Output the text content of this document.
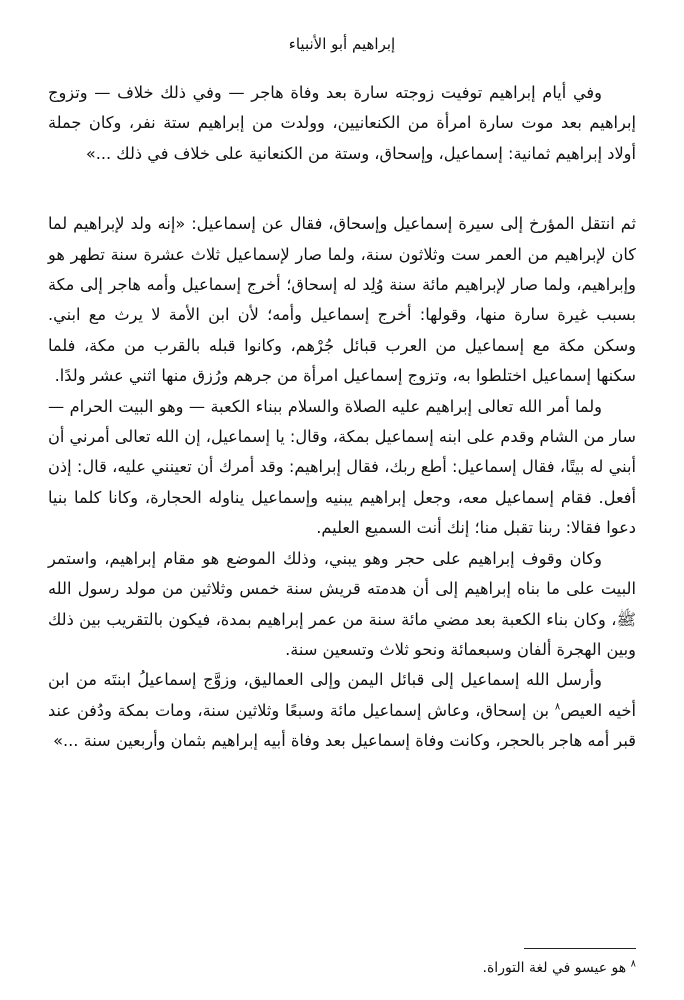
إبراهيم أبو الأنبياء

وفي أيام إبراهيم توفيت زوجته سارة بعد وفاة هاجر — وفي ذلك خلاف — وتزوج إبراهيم بعد موت سارة امرأة من الكنعانيين، وولدت من إبراهيم ستة نفر، وكان جملة أولاد إبراهيم ثمانية: إسماعيل، وإسحاق، وستة من الكنعانية على خلاف في ذلك ...»

ثم انتقل المؤرخ إلى سيرة إسماعيل وإسحاق، فقال عن إسماعيل: «إنه ولد لإبراهيم لما كان لإبراهيم من العمر ست وثلاثون سنة، ولما صار لإسماعيل ثلاث عشرة سنة تطهر هو وإبراهيم، ولما صار لإبراهيم مائة سنة وُلِد له إسحاق؛ أخرج إسماعيل وأمه هاجر إلى مكة بسبب غيرة سارة منها، وقولها: أخرج إسماعيل وأمه؛ لأن ابن الأمة لا يرث مع ابني. وسكن مكة مع إسماعيل من العرب قبائل جُرْهم، وكانوا قبله بالقرب من مكة، فلما سكنها إسماعيل اختلطوا به، وتزوج إسماعيل امرأة من جرهم ورُزق منها اثني عشر ولدًا.

ولما أمر الله تعالى إبراهيم عليه الصلاة والسلام ببناء الكعبة — وهو البيت الحرام — سار من الشام وقدم على ابنه إسماعيل بمكة، وقال: يا إسماعيل، إن الله تعالى أمرني أن أبني له بيتًا، فقال إسماعيل: أطع ربك، فقال إبراهيم: وقد أمرك أن تعينني عليه، قال: إذن أفعل. فقام إسماعيل معه، وجعل إبراهيم يبنيه وإسماعيل يناوله الحجارة، وكانا كلما بنيا دعوا فقالا: ربنا تقبل منا؛ إنك أنت السميع العليم.

وكان وقوف إبراهيم على حجر وهو يبني، وذلك الموضع هو مقام إبراهيم، واستمر البيت على ما بناه إبراهيم إلى أن هدمته قريش سنة خمس وثلاثين من مولد رسول الله ﷺ، وكان بناء الكعبة بعد مضي مائة سنة من عمر إبراهيم بمدة، فيكون بالتقريب بين ذلك وبين الهجرة ألفان وسبعمائة ونحو ثلاث وتسعين سنة.

وأرسل الله إسماعيل إلى قبائل اليمن وإلى العماليق، وزوَّج إسماعيلُ ابنتَه من ابن أخيه العيص$^٨$ بن إسحاق، وعاش إسماعيل مائة وسبعًا وثلاثين سنة، ومات بمكة ودُفن عند قبر أمه هاجر بالحجر، وكانت وفاة إسماعيل بعد وفاة أبيه إبراهيم بثمان وأربعين سنة ...»

$^٨$ هو عيسو في لغة التوراة.
